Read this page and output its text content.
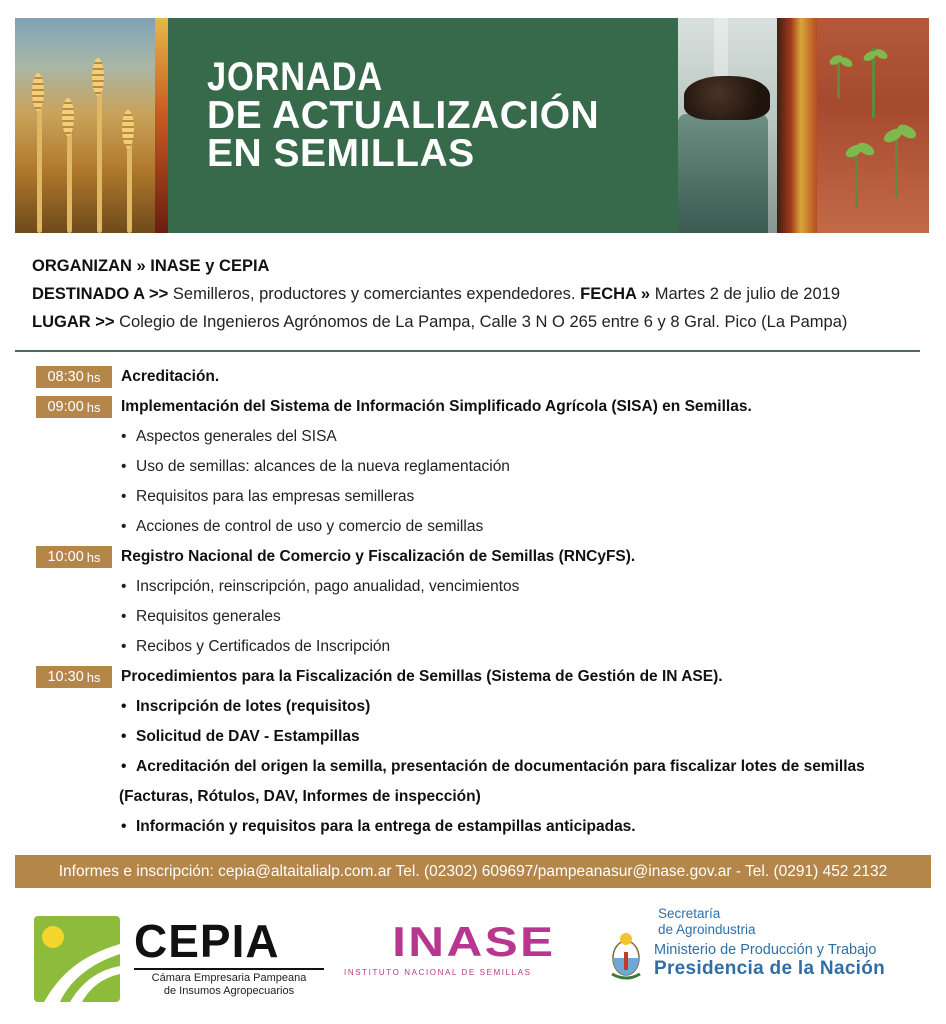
JORNADA
DE ACTUALIZACIÓN
EN SEMILLAS
ORGANIZAN » INASE y CEPIA
DESTINADO A >> Semilleros, productores y comerciantes expendedores. FECHA » Martes 2 de julio de 2019
LUGAR >> Colegio de Ingenieros Agrónomos de La Pampa, Calle 3 N O 265 entre 6 y 8 Gral. Pico (La Pampa)
08:30 hs Acreditación.
09:00 hs Implementación del Sistema de Información Simplificado Agrícola (SISA) en Semillas.
• Aspectos generales del SISA
• Uso de semillas: alcances de la nueva reglamentación
• Requisitos para las empresas semilleras
• Acciones de control de uso y comercio de semillas
10:00 hs Registro Nacional de Comercio y Fiscalización de Semillas (RNCyFS).
• Inscripción, reinscripción, pago anualidad, vencimientos
• Requisitos generales
• Recibos y Certificados de Inscripción
10:30 hs Procedimientos para la Fiscalización de Semillas (Sistema de Gestión de IN ASE).
• Inscripción de lotes (requisitos)
• Solicitud de DAV - Estampillas
• Acreditación del origen la semilla, presentación de documentación para fiscalizar lotes de semillas
(Facturas, Rótulos, DAV, Informes de inspección)
• Información y requisitos para la entrega de estampillas anticipadas.
Informes e inscripción: cepia@altaitalialp.com.ar Tel. (02302) 609697/pampeanasur@inase.gov.ar - Tel. (0291) 452 2132
CEPIA
Cámara Empresaria Pampeana
de Insumos Agropecuarios
INASE
INSTITUTO NACIONAL DE SEMILLAS
Secretaría
de Agroindustria
Ministerio de Producción y Trabajo
Presidencia de la Nación
